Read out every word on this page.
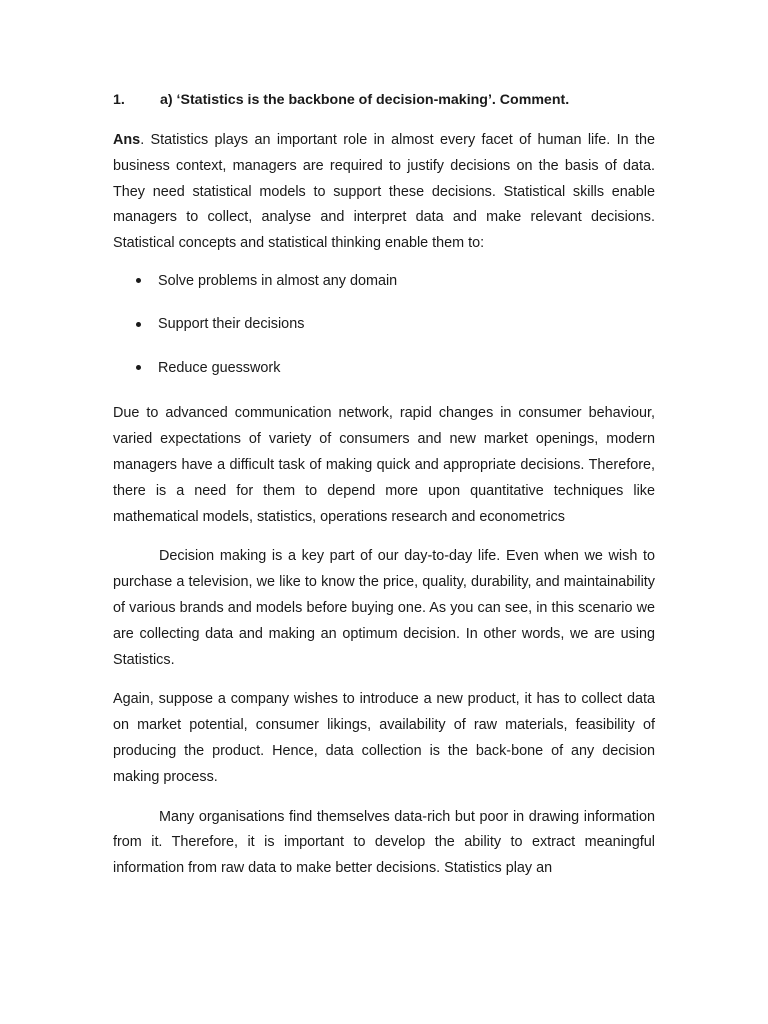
1.	a) ‘Statistics is the backbone of decision-making’. Comment.

Ans. Statistics plays an important role in almost every facet of human life. In the business context, managers are required to justify decisions on the basis of data. They need statistical models to support these decisions. Statistical skills enable managers to collect, analyse and interpret data and make relevant decisions. Statistical concepts and statistical thinking enable them to:

Solve problems in almost any domain
Support their decisions
Reduce guesswork

Due to advanced communication network, rapid changes in consumer behaviour, varied expectations of variety of consumers and new market openings, modern managers have a difficult task of making quick and appropriate decisions. Therefore, there is a need for them to depend more upon quantitative techniques like mathematical models, statistics, operations research and econometrics

Decision making is a key part of our day-to-day life. Even when we wish to purchase a television, we like to know the price, quality, durability, and maintainability of various brands and models before buying one. As you can see, in this scenario we are collecting data and making an optimum decision. In other words, we are using Statistics.

Again, suppose a company wishes to introduce a new product, it has to collect data on market potential, consumer likings, availability of raw materials, feasibility of producing the product. Hence, data collection is the back-bone of any decision making process.

Many organisations find themselves data-rich but poor in drawing information from it. Therefore, it is important to develop the ability to extract meaningful information from raw data to make better decisions. Statistics play an
